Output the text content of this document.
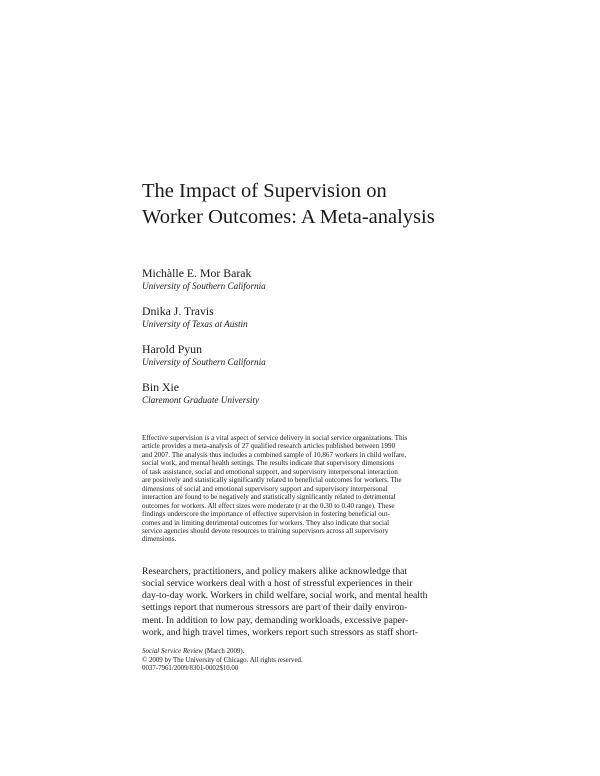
The Impact of Supervision on
Worker Outcomes: A Meta-analysis
Michàlle E. Mor Barak
University of Southern California
Dnika J. Travis
University of Texas at Austin
Harold Pyun
University of Southern California
Bin Xie
Claremont Graduate University

Effective supervision is a vital aspect of service delivery in social service organizations. This
article provides a meta-analysis of 27 qualified research articles published between 1990
and 2007. The analysis thus includes a combined sample of 10,867 workers in child welfare,
social work, and mental health settings. The results indicate that supervisory dimensions
of task assistance, social and emotional support, and supervisory interpersonal interaction
are positively and statistically significantly related to beneficial outcomes for workers. The
dimensions of social and emotional supervisory support and supervisory interpersonal
interaction are found to be negatively and statistically significantly related to detrimental
outcomes for workers. All effect sizes were moderate (r at the 0.30 to 0.40 range). These
findings underscore the importance of effective supervision in fostering beneficial out-
comes and in limiting detrimental outcomes for workers. They also indicate that social
service agencies should devote resources to training supervisors across all supervisory
dimensions.

Researchers, practitioners, and policy makers alike acknowledge that
social service workers deal with a host of stressful experiences in their
day-to-day work. Workers in child welfare, social work, and mental health
settings report that numerous stressors are part of their daily environ-
ment. In addition to low pay, demanding workloads, excessive paper-
work, and high travel times, workers report such stressors as staff short-

Social Service Review (March 2009).
© 2009 by The University of Chicago. All rights reserved.
0037-7961/2009/8301-0002$10.00
